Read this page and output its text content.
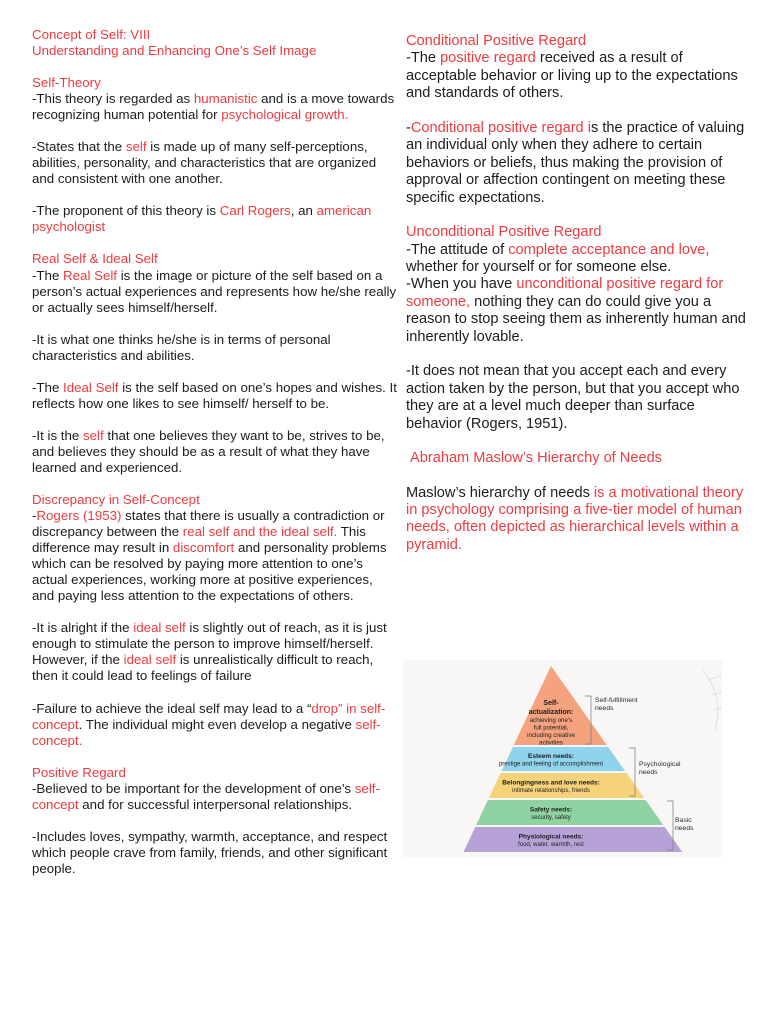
Concept of Self: VIII
Understanding and Enhancing One’s Self Image

Self-Theory

-This theory is regarded as humanistic and is a move towards recognizing human potential for psychological growth.

-States that the self is made up of many self-perceptions, abilities, personality, and characteristics that are organized and consistent with one another.

-The proponent of this theory is Carl Rogers, an american psychologist

Real Self & Ideal Self

-The Real Self is the image or picture of the self based on a person’s actual experiences and represents how he/she really or actually sees himself/herself.

-It is what one thinks he/she is in terms of personal characteristics and abilities.

-The Ideal Self is the self based on one’s hopes and wishes. It reflects how one likes to see himself/ herself to be.

-It is the self that one believes they want to be, strives to be, and believes they should be as a result of what they have learned and experienced.

Discrepancy in Self-Concept

-Rogers (1953) states that there is usually a contradiction or discrepancy between the real self and the ideal self. This difference may result in discomfort and personality problems which can be resolved by paying more attention to one’s actual experiences, working more at positive experiences, and paying less attention to the expectations of others.

-It is alright if the ideal self is slightly out of reach, as it is just enough to stimulate the person to improve himself/herself. However, if the ideal self is unrealistically difficult to reach, then it could lead to feelings of failure

-Failure to achieve the ideal self may lead to a “drop” in self-concept. The individual might even develop a negative self-concept.

Positive Regard

-Believed to be important for the development of one’s self-concept and for successful interpersonal relationships.

-Includes loves, sympathy, warmth, acceptance, and respect which people crave from family, friends, and other significant people.

Conditional Positive Regard

-The positive regard received as a result of acceptable behavior or living up to the expectations and standards of others.

-Conditional positive regard is the practice of valuing an individual only when they adhere to certain behaviors or beliefs, thus making the provision of approval or affection contingent on meeting these specific expectations.

Unconditional Positive Regard

-The attitude of complete acceptance and love, whether for yourself or for someone else.

-When you have unconditional positive regard for someone, nothing they can do could give you a reason to stop seeing them as inherently human and inherently lovable.

-It does not mean that you accept each and every action taken by the person, but that you accept who they are at a level much deeper than surface behavior (Rogers, 1951).

Abraham Maslow’s Hierarchy of Needs

Maslow’s hierarchy of needs is a motivational theory in psychology comprising a five-tier model of human needs, often depicted as hierarchical levels within a pyramid.

Self-
actualization:
achieving one’s
full potential,
including creative
activities
Esteem needs:
prestige and feeling of accomplishment
Belongingness and love needs:
intimate relationships, friends
Safety needs:
security, safety
Physiological needs:
food, water, warmth, rest
Self-fulfillment
needs
Psychological
needs
Basic
needs
